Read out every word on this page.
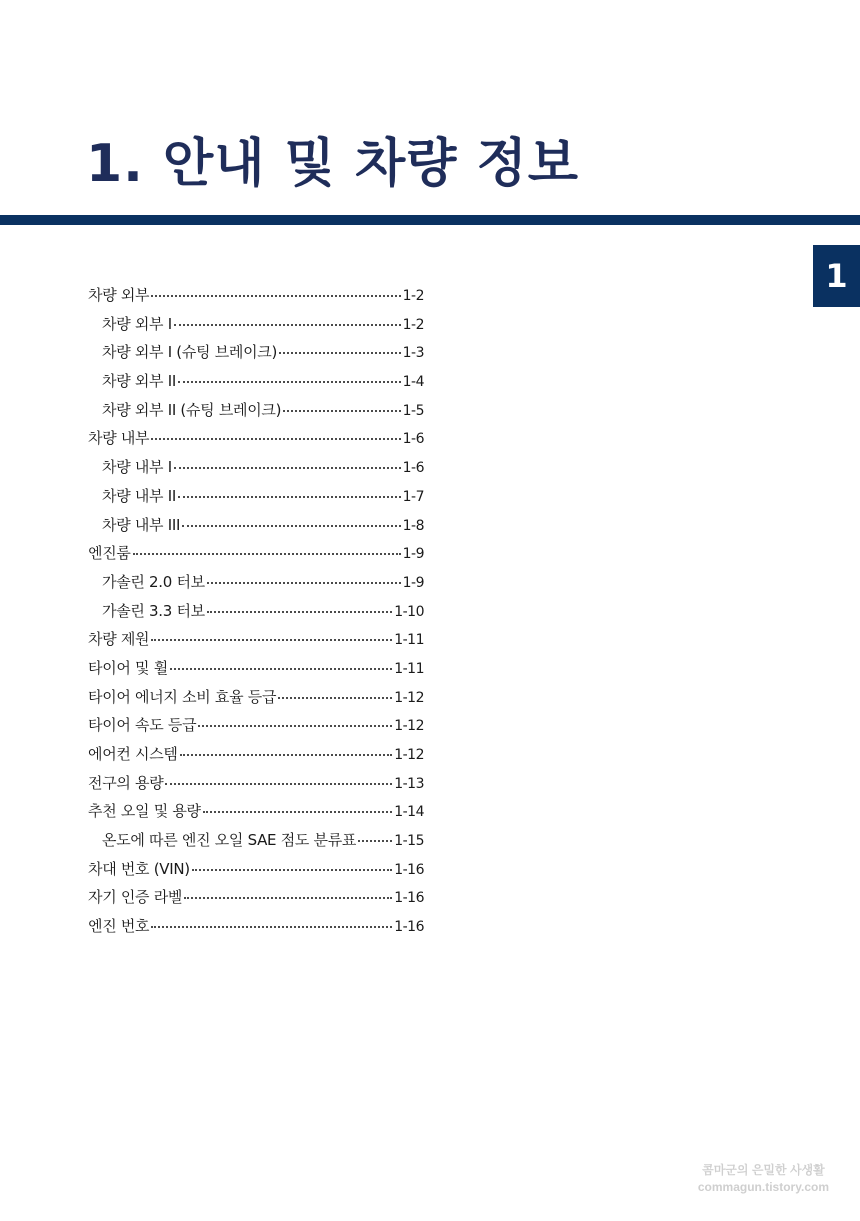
1. 안내 및 차량 정보
1
차량 외부	1-2
차량 외부 I	1-2
차량 외부 I (슈팅 브레이크)	1-3
차량 외부 II	1-4
차량 외부 II (슈팅 브레이크)	1-5
차량 내부	1-6
차량 내부 I	1-6
차량 내부 II	1-7
차량 내부 III	1-8
엔진룸	1-9
가솔린 2.0 터보	1-9
가솔린 3.3 터보	1-10
차량 제원	1-11
타이어 및 휠	1-11
타이어 에너지 소비 효율 등급	1-12
타이어 속도 등급	1-12
에어컨 시스템	1-12
전구의 용량	1-13
추천 오일 및 용량	1-14
온도에 따른 엔진 오일 SAE 점도 분류표	1-15
차대 번호 (VIN)	1-16
자기 인증 라벨	1-16
엔진 번호	1-16
콤마군의 은밀한 사생활
commagun.tistory.com
